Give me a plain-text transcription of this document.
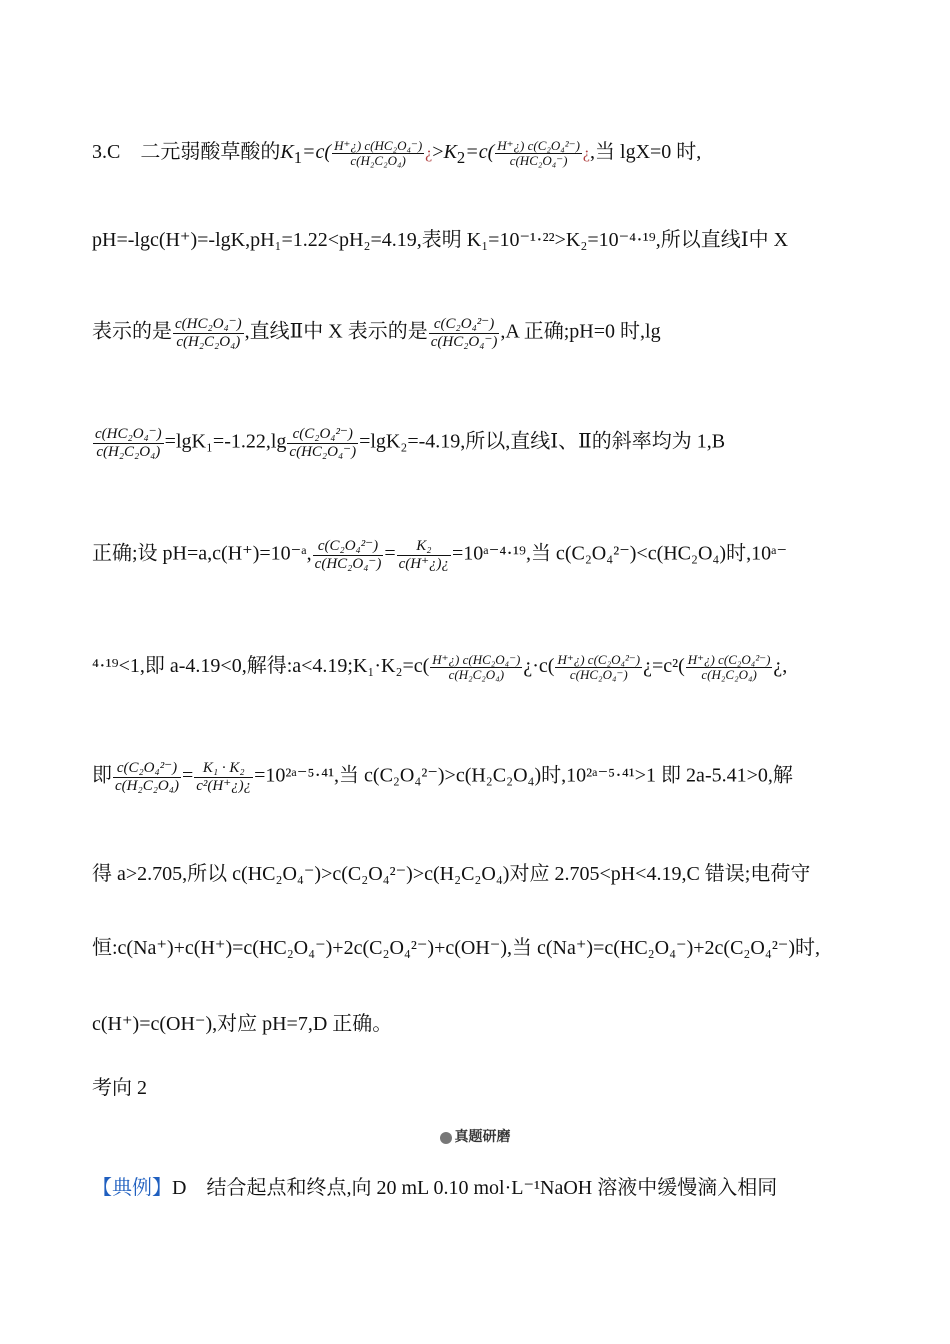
3.C　二元弱酸草酸的$K_1=c( \frac{\text{H⁺¿) c(HC₂O₄⁻)}}{\text{c(H₂C₂O₄)}}$ ¿$>K_2=c( \frac{\text{H⁺¿) c(C₂O₄²⁻)}}{\text{c(HC₂O₄⁻)}}$ ¿,当 lgX=0 时,
pH=-lgc(H⁺)=-lgK,pH₁=1.22<pH₂=4.19,表明 K₁=10⁻¹·²²>K₂=10⁻⁴·¹⁹,所以直线Ⅰ中 X
表示的是 $\frac{\text{c(HC₂O₄⁻)}}{\text{c(H₂C₂O₄)}}$ ,直线Ⅱ中 X 表示的是 $\frac{\text{c(C₂O₄²⁻)}}{\text{c(HC₂O₄⁻)}} ,A$ 正确;pH=0 时,lg
$\frac{\text{c(HC₂O₄⁻)}}{\text{c(H₂C₂O₄)}} =\lg K_1=-1.22,\lg \frac{\text{c(C₂O₄²⁻)}}{\text{c(HC₂O₄⁻)}} =\lg K_2=-4.19$,所以,直线Ⅰ、Ⅱ的斜率均为 1,B
正确;设 pH=a,c(H⁺)=10⁻ᵃ, $\frac{\text{c(C₂O₄²⁻)}}{\text{c(HC₂O₄⁻)}} = \frac{\text{K₂}}{c(H^+¿)¿}$ =10ᵃ⁻⁴·¹⁹,当 c(C₂O₄²⁻)<c(HC₂O₄)时,10ᵃ⁻
⁴·¹⁹<1,即 a-4.19<0,解得:a<4.19;K₁·K₂=c( $\frac{\text{H⁺¿) c(HC₂O₄⁻)}}{\text{c(H₂C₂O₄)}}$ ¿$\cdot c( \frac{\text{H⁺¿) c(C₂O₄²⁻)}}{\text{c(HC₂O₄⁻)}}$ ¿$=c^2( \frac{\text{H⁺¿) c(C₂O₄²⁻)}}{\text{c(H₂C₂O₄)}}$ ¿,
即 $\frac{\text{c(C₂O₄²⁻)}}{\text{c(H₂C₂O₄)}} = \frac{\text{K₁ · K₂}}{\text{c²(H⁺¿)¿}}$ =10²ᵃ⁻⁵·⁴¹,当 c(C₂O₄²⁻)>c(H₂C₂O₄)时,10²ᵃ⁻⁵·⁴¹>1 即 2a-5.41>0,解
得 a>2.705,所以 c(HC₂O₄⁻)>c(C₂O₄²⁻)>c(H₂C₂O₄)对应 2.705<pH<4.19,C 错误;电荷守
恒:c(Na⁺)+c(H⁺)=c(HC₂O₄⁻)+2c(C₂O₄²⁻)+c(OH⁻),当 c(Na⁺)=c(HC₂O₄⁻)+2c(C₂O₄²⁻)时,
c(H⁺)=c(OH⁻),对应 pH=7,D 正确。
考向 2
真题研磨
【典例】D　结合起点和终点,向 20 mL 0.10 mol·L⁻¹NaOH 溶液中缓慢滴入相同
